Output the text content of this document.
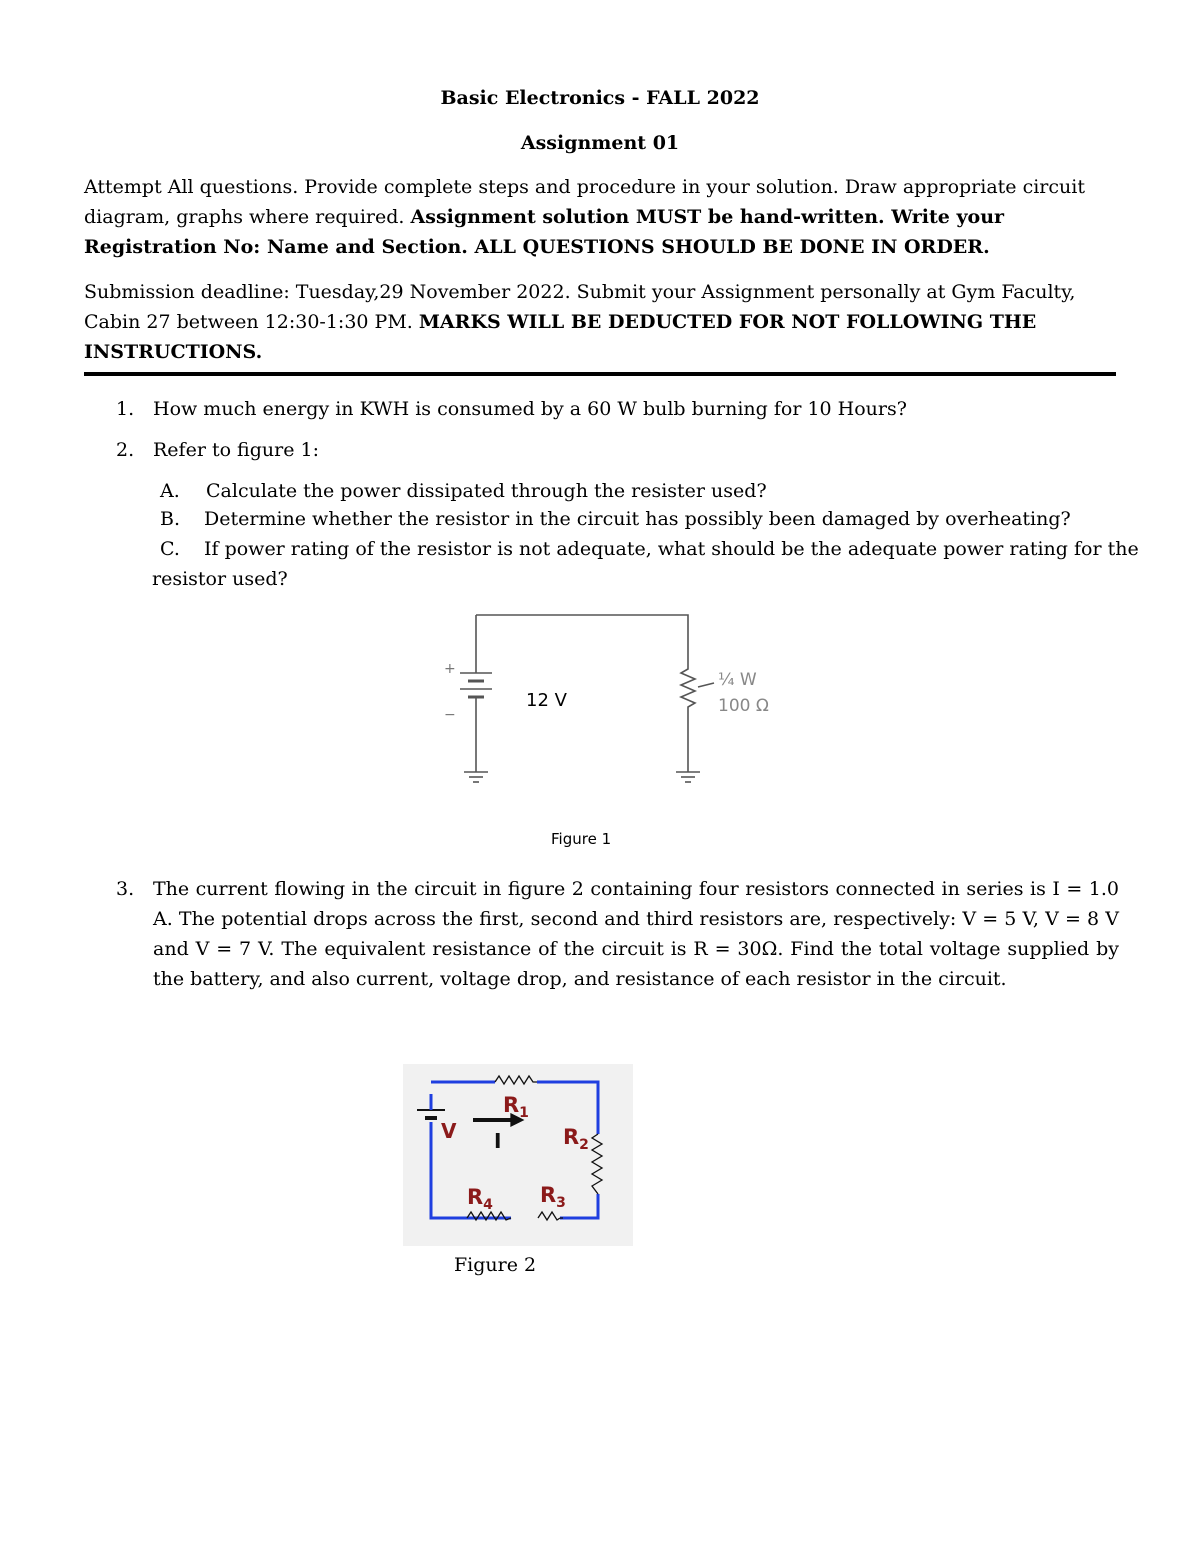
Basic Electronics - FALL 2022
Assignment 01
Attempt All questions. Provide complete steps and procedure in your solution. Draw appropriate circuit diagram, graphs where required. Assignment solution MUST be hand-written. Write your Registration No: Name and Section. ALL QUESTIONS SHOULD BE DONE IN ORDER.
Submission deadline: Tuesday,29 November 2022. Submit your Assignment personally at Gym Faculty, Cabin 27 between 12:30-1:30 PM. MARKS WILL BE DEDUCTED FOR NOT FOLLOWING THE INSTRUCTIONS.
1. How much energy in KWH is consumed by a 60 W bulb burning for 10 Hours?
2. Refer to figure 1:
A. Calculate the power dissipated through the resister used?
B. Determine whether the resistor in the circuit has possibly been damaged by overheating?
C. If power rating of the resistor is not adequate, what should be the adequate power rating for the
resistor used?
+
−
12 V
¼ W
100 Ω
Figure 1
3. The current flowing in the circuit in figure 2 containing four resistors connected in series is I = 1.0 A. The potential drops across the first, second and third resistors are, respectively: V = 5 V, V = 8 V and V = 7 V. The equivalent resistance of the circuit is R = 30Ω. Find the total voltage supplied by the battery, and also current, voltage drop, and resistance of each resistor in the circuit.
V
$R_1$
$R_2$
$R_3$
$R_4$
I
Figure 2
